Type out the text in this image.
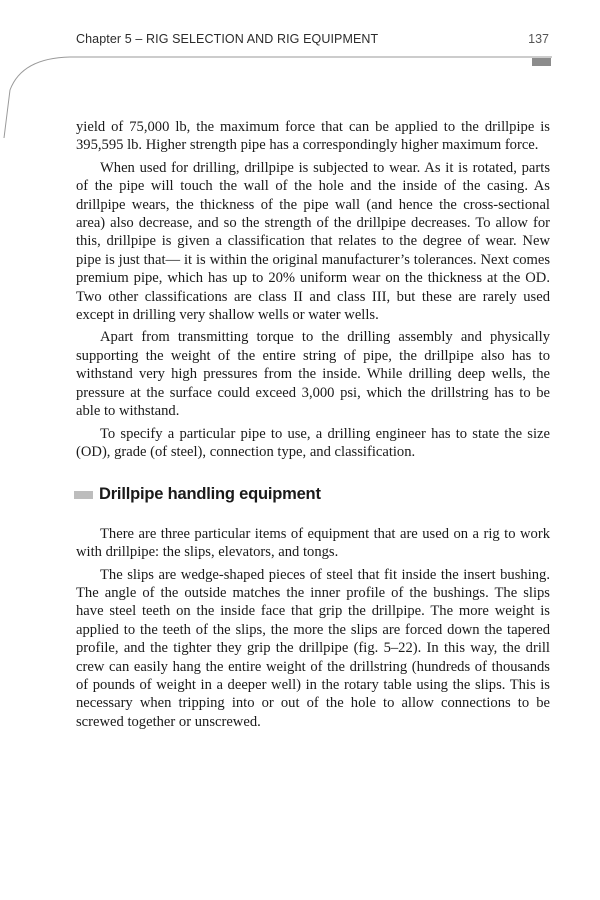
Chapter 5 – RIG SELECTION AND RIG EQUIPMENT	137

yield of 75,000 lb, the maximum force that can be applied to the drillpipe is 395,595 lb. Higher strength pipe has a correspondingly higher maximum force.

When used for drilling, drillpipe is subjected to wear. As it is rotated, parts of the pipe will touch the wall of the hole and the inside of the casing. As drillpipe wears, the thickness of the pipe wall (and hence the cross-sectional area) also decrease, and so the strength of the drillpipe decreases. To allow for this, drillpipe is given a classification that relates to the degree of wear. New pipe is just that— it is within the original manufacturer’s tolerances. Next comes premium pipe, which has up to 20% uniform wear on the thickness at the OD. Two other classifications are class II and class III, but these are rarely used except in drilling very shallow wells or water wells.

Apart from transmitting torque to the drilling assembly and physically supporting the weight of the entire string of pipe, the drillpipe also has to withstand very high pressures from the inside. While drilling deep wells, the pressure at the surface could exceed 3,000 psi, which the drillstring has to be able to withstand.

To specify a particular pipe to use, a drilling engineer has to state the size (OD), grade (of steel), connection type, and classification.

Drillpipe handling equipment

There are three particular items of equipment that are used on a rig to work with drillpipe: the slips, elevators, and tongs.

The slips are wedge-shaped pieces of steel that fit inside the insert bushing. The angle of the outside matches the inner profile of the bushings. The slips have steel teeth on the inside face that grip the drillpipe. The more weight is applied to the teeth of the slips, the more the slips are forced down the tapered profile, and the tighter they grip the drillpipe (fig. 5–22). In this way, the drill crew can easily hang the entire weight of the drillstring (hundreds of thousands of pounds of weight in a deeper well) in the rotary table using the slips. This is necessary when tripping into or out of the hole to allow connections to be screwed together or unscrewed.
